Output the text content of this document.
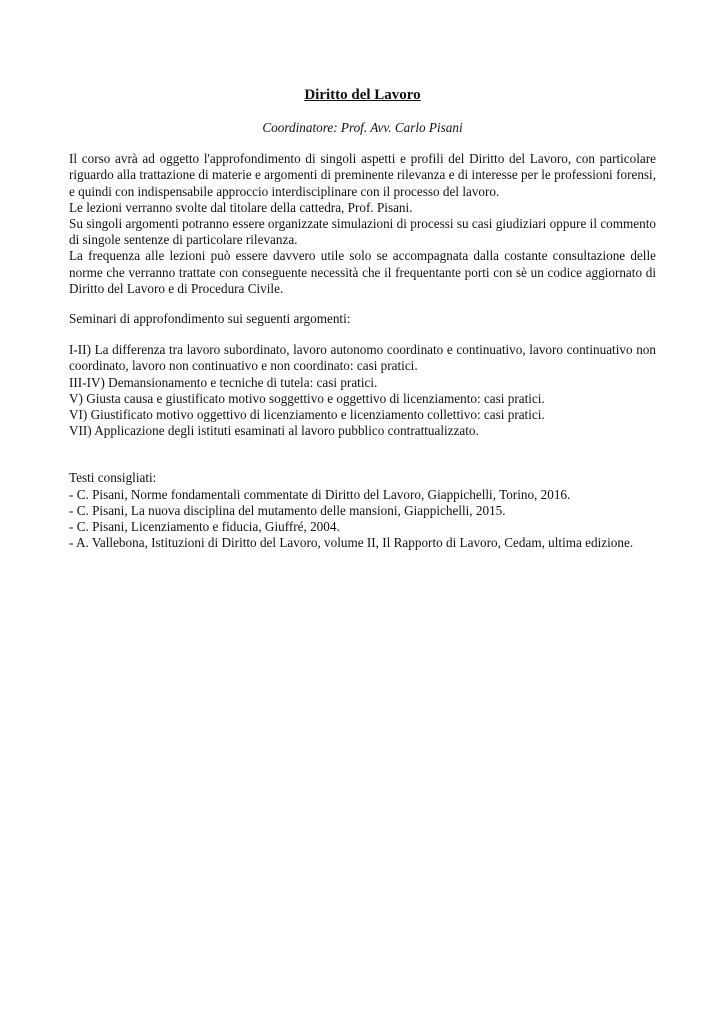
Diritto del Lavoro

Coordinatore: Prof. Avv. Carlo Pisani

Il corso avrà ad oggetto l'approfondimento di singoli aspetti e profili del Diritto del Lavoro, con particolare riguardo alla trattazione di materie e argomenti di preminente rilevanza e di interesse per le professioni forensi, e quindi con indispensabile approccio interdisciplinare con il processo del lavoro.
Le lezioni verranno svolte dal titolare della cattedra, Prof. Pisani.
Su singoli argomenti potranno essere organizzate simulazioni di processi su casi giudiziari oppure il commento di singole sentenze di particolare rilevanza.
La frequenza alle lezioni può essere davvero utile solo se accompagnata dalla costante consultazione delle norme che verranno trattate con conseguente necessità che il frequentante porti con sè un codice aggiornato di Diritto del Lavoro e di Procedura Civile.

Seminari di approfondimento sui seguenti argomenti:

I-II) La differenza tra lavoro subordinato, lavoro autonomo coordinato e continuativo, lavoro continuativo non coordinato, lavoro non continuativo e non coordinato: casi pratici.
III-IV) Demansionamento e tecniche di tutela: casi pratici.
V) Giusta causa e giustificato motivo soggettivo e oggettivo di licenziamento: casi pratici.
VI) Giustificato motivo oggettivo di licenziamento e licenziamento collettivo: casi pratici.
VII) Applicazione degli istituti esaminati al lavoro pubblico contrattualizzato.
Testi consigliati:
- C. Pisani, Norme fondamentali commentate di Diritto del Lavoro, Giappichelli, Torino, 2016.
- C. Pisani, La nuova disciplina del mutamento delle mansioni, Giappichelli, 2015.
- C. Pisani, Licenziamento e fiducia, Giuffré, 2004.
- A. Vallebona, Istituzioni di Diritto del Lavoro, volume II, Il Rapporto di Lavoro, Cedam, ultima edizione.
